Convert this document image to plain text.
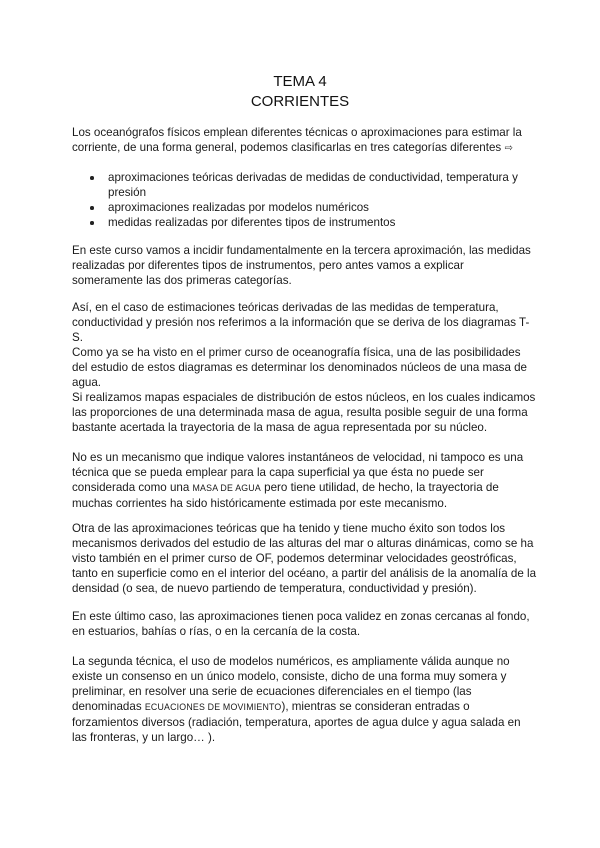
TEMA 4
CORRIENTES

Los oceanógrafos físicos emplean diferentes técnicas o aproximaciones para estimar la corriente, de una forma general, podemos clasificarlas en tres categorías diferentes ⇨

aproximaciones teóricas derivadas de medidas de conductividad, temperatura y presión
aproximaciones realizadas por modelos numéricos
medidas realizadas por diferentes tipos de instrumentos

En este curso vamos a incidir fundamentalmente en la tercera aproximación, las medidas realizadas por diferentes tipos de instrumentos, pero antes vamos a explicar someramente las dos primeras categorías.

Así, en el caso de estimaciones teóricas derivadas de las medidas de temperatura, conductividad y presión nos referimos a la información que se deriva de los diagramas T-S.

Como ya se ha visto en el primer curso de oceanografía física, una de las posibilidades del estudio de estos diagramas es determinar los denominados núcleos de una masa de agua.

Si realizamos mapas espaciales de distribución de estos núcleos, en los cuales indicamos las proporciones de una determinada masa de agua, resulta posible seguir de una forma bastante acertada la trayectoria de la masa de agua representada por su núcleo.

No es un mecanismo que indique valores instantáneos de velocidad, ni tampoco es una técnica que se pueda emplear para la capa superficial ya que ésta no puede ser considerada como una MASA DE AGUA pero tiene utilidad, de hecho, la trayectoria de muchas corrientes ha sido históricamente estimada por este mecanismo.

Otra de las aproximaciones teóricas que ha tenido y tiene mucho éxito son todos los mecanismos derivados del estudio de las alturas del mar o alturas dinámicas, como se ha visto también en el primer curso de OF, podemos determinar velocidades geostróficas, tanto en superficie como en el interior del océano, a partir del análisis de la anomalía de la densidad (o sea, de nuevo partiendo de temperatura, conductividad y presión).

En este último caso, las aproximaciones tienen poca validez en zonas cercanas al fondo, en estuarios, bahías o rías, o en la cercanía de la costa.

La segunda técnica, el uso de modelos numéricos, es ampliamente válida aunque no existe un consenso en un único modelo, consiste, dicho de una forma muy somera y preliminar, en resolver una serie de ecuaciones diferenciales en el tiempo (las denominadas ECUACIONES DE MOVIMIENTO), mientras se consideran entradas o forzamientos diversos (radiación, temperatura, aportes de agua dulce y agua salada en las fronteras, y un largo… ).
